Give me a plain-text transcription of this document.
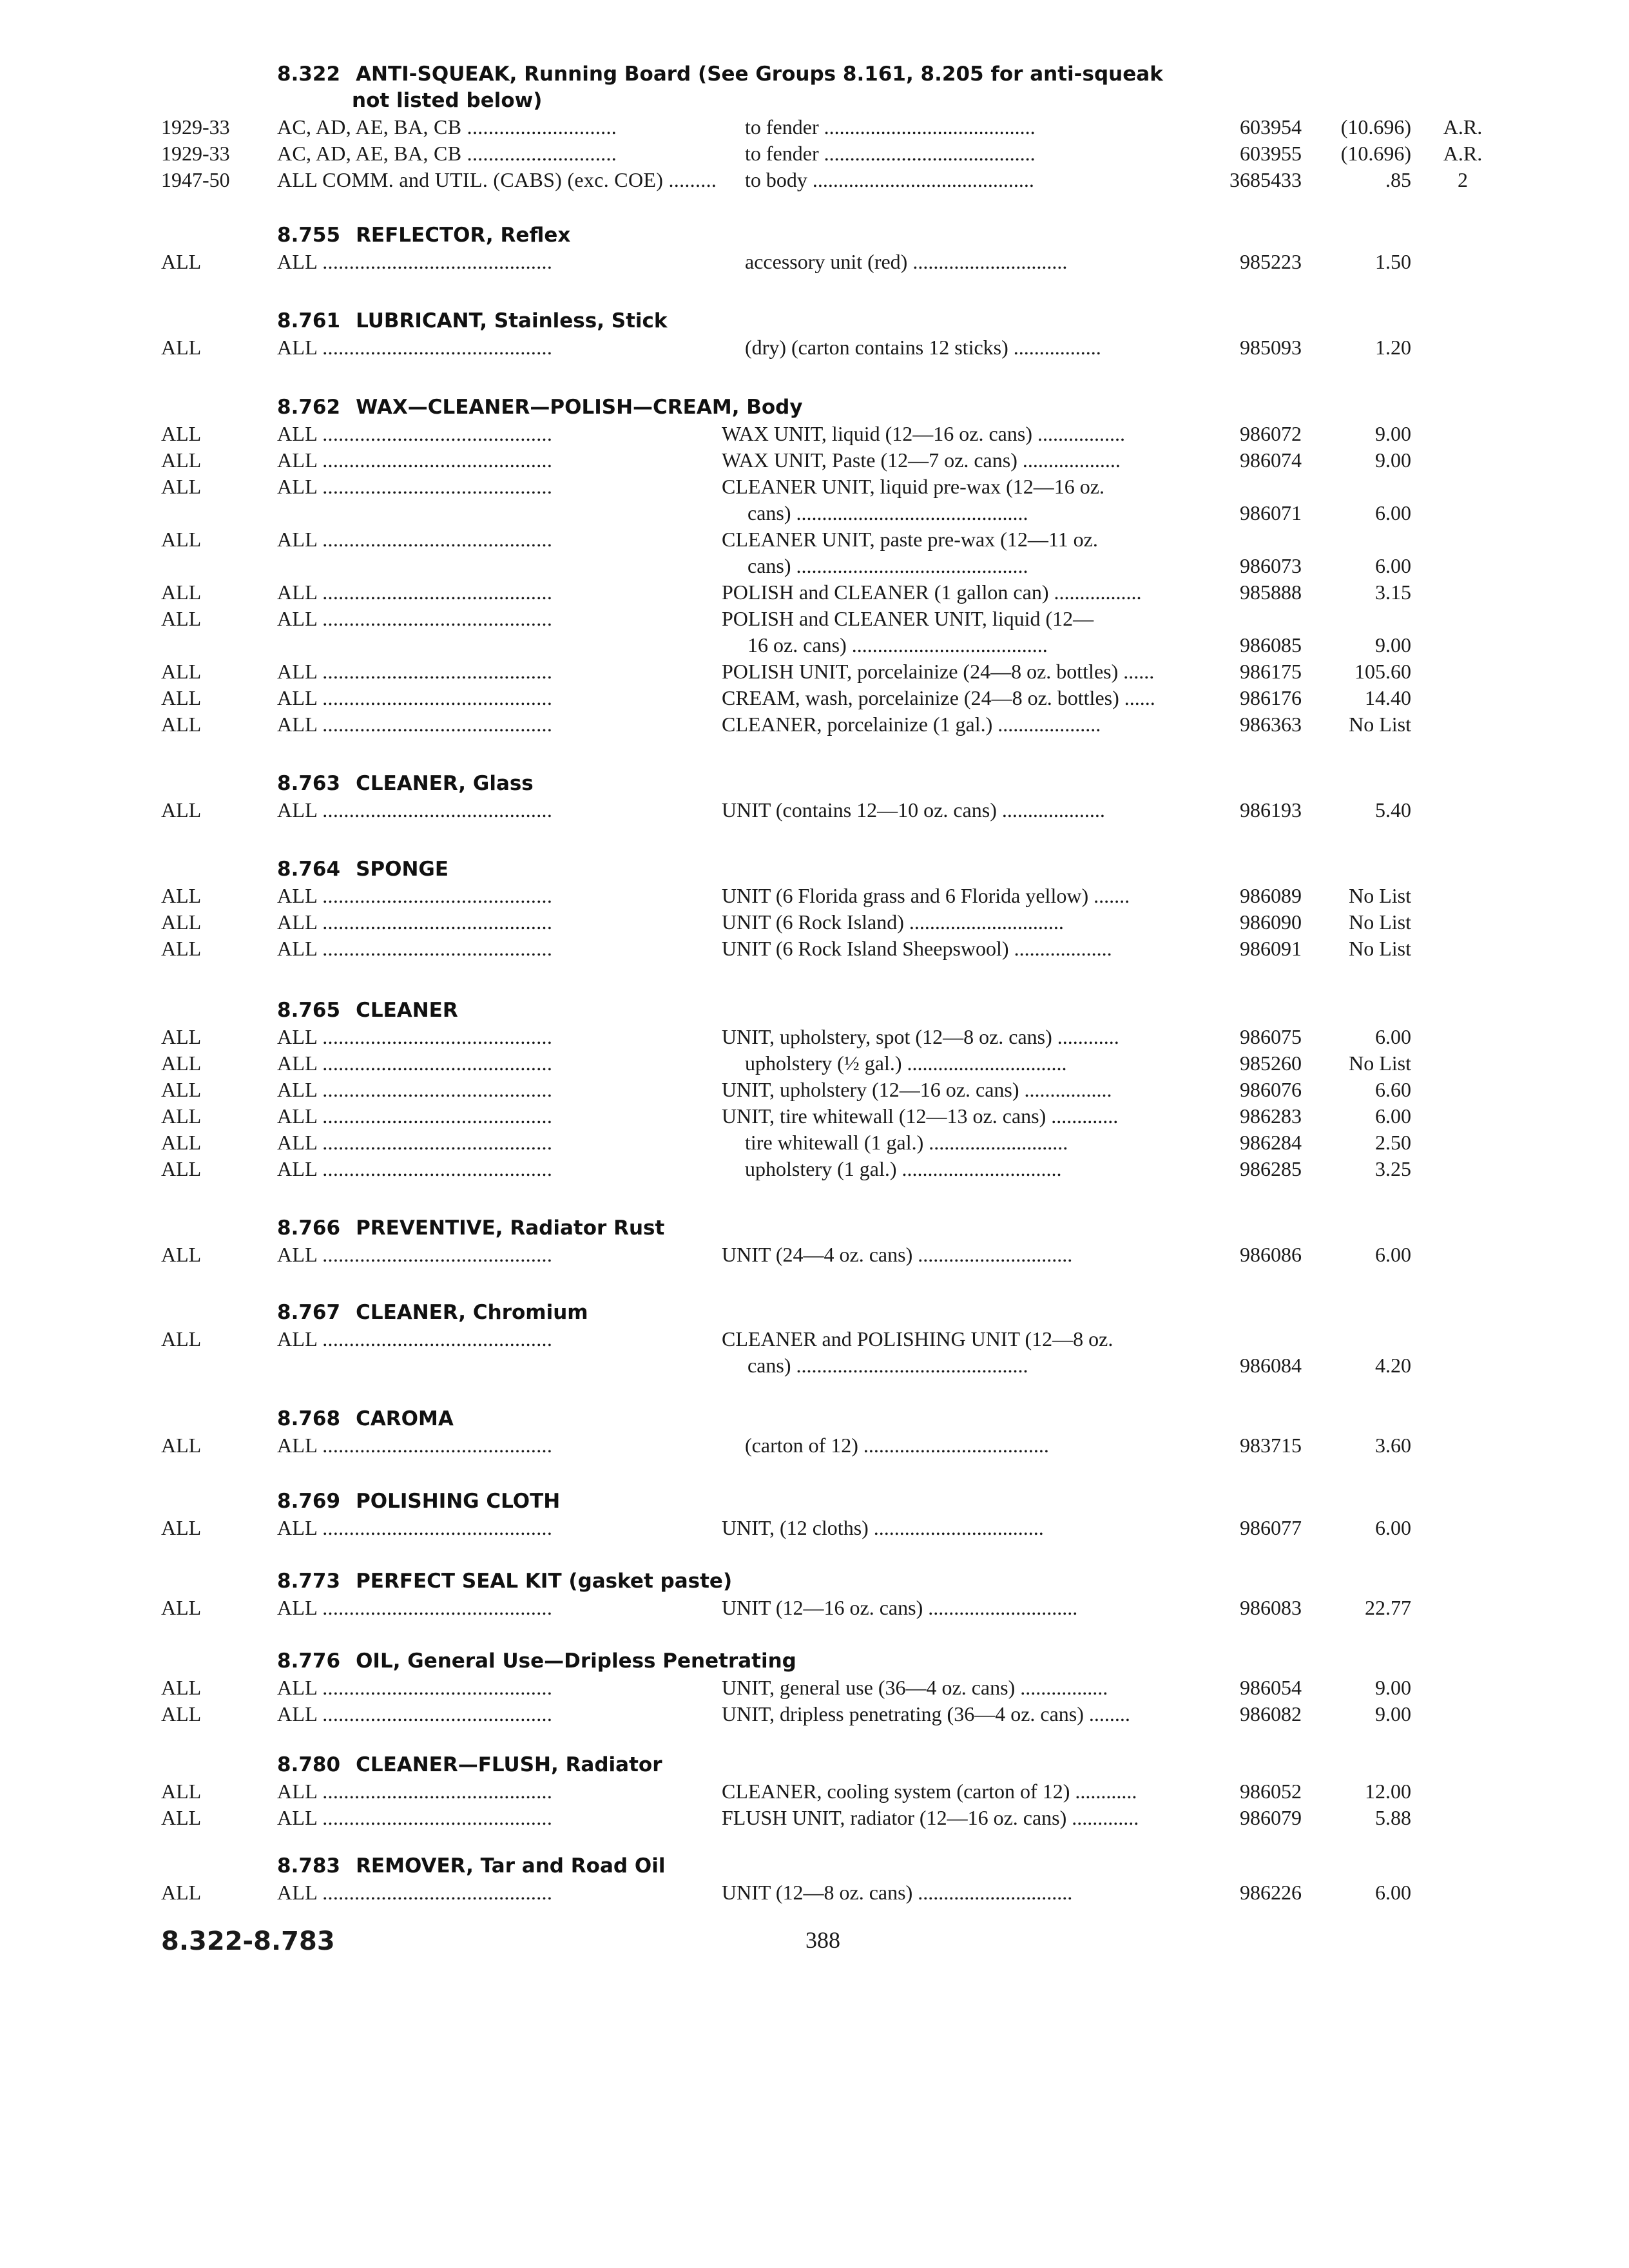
8.322 ANTI-SQUEAK, Running Board (See Groups 8.161, 8.205 for anti-squeak
not listed below)
1929-33	AC, AD, AE, BA, CB ............................	to fender .........................................	603954	(10.696)	A.R.
1929-33	AC, AD, AE, BA, CB ............................	to fender .........................................	603955	(10.696)	A.R.
1947-50	ALL COMM. and UTIL. (CABS) (exc. COE) ......... to body ...........................................	3685433	.85	2
8.755 REFLECTOR, Reflex
ALL	ALL ...........................................	accessory unit (red) ..............................	985223	1.50
8.761 LUBRICANT, Stainless, Stick
ALL	ALL ...........................................	(dry) (carton contains 12 sticks) .................	985093	1.20
8.762 WAX—CLEANER—POLISH—CREAM, Body
ALL	ALL ...........................................	WAX UNIT, liquid (12—16 oz. cans) .................	986072	9.00
ALL	ALL ...........................................	WAX UNIT, Paste (12—7 oz. cans) ...................	986074	9.00
ALL	ALL ...........................................	CLEANER UNIT, liquid pre-wax (12—16 oz.
cans) .............................................	986071	6.00
ALL	ALL ...........................................	CLEANER UNIT, paste pre-wax (12—11 oz.
cans) .............................................	986073	6.00
ALL	ALL ...........................................	POLISH and CLEANER (1 gallon can) .................	985888	3.15
ALL	ALL ...........................................	POLISH and CLEANER UNIT, liquid (12—
16 oz. cans) ......................................	986085	9.00
ALL	ALL ...........................................	POLISH UNIT, porcelainize (24—8 oz. bottles) ......	986175	105.60
ALL	ALL ...........................................	CREAM, wash, porcelainize (24—8 oz. bottles) ......	986176	14.40
ALL	ALL ...........................................	CLEANER, porcelainize (1 gal.) ....................	986363	No List
8.763 CLEANER, Glass
ALL	ALL ...........................................	UNIT (contains 12—10 oz. cans) ....................	986193	5.40
8.764 SPONGE
ALL	ALL ...........................................	UNIT (6 Florida grass and 6 Florida yellow) .......	986089	No List
ALL	ALL ...........................................	UNIT (6 Rock Island) ..............................	986090	No List
ALL	ALL ...........................................	UNIT (6 Rock Island Sheepswool) ...................	986091	No List
8.765 CLEANER
ALL	ALL ...........................................	UNIT, upholstery, spot (12—8 oz. cans) ............	986075	6.00
ALL	ALL ...........................................	upholstery (½ gal.) ...............................	985260	No List
ALL	ALL ...........................................	UNIT, upholstery (12—16 oz. cans) .................	986076	6.60
ALL	ALL ...........................................	UNIT, tire whitewall (12—13 oz. cans) .............	986283	6.00
ALL	ALL ...........................................	tire whitewall (1 gal.) ...........................	986284	2.50
ALL	ALL ...........................................	upholstery (1 gal.) ...............................	986285	3.25
8.766 PREVENTIVE, Radiator Rust
ALL	ALL ...........................................	UNIT (24—4 oz. cans) ..............................	986086	6.00
8.767 CLEANER, Chromium
ALL	ALL ...........................................	CLEANER and POLISHING UNIT (12—8 oz.
cans) .............................................	986084	4.20
8.768 CAROMA
ALL	ALL ...........................................	(carton of 12) ....................................	983715	3.60
8.769 POLISHING CLOTH
ALL	ALL ...........................................	UNIT, (12 cloths) .................................	986077	6.00
8.773 PERFECT SEAL KIT (gasket paste)
ALL	ALL ...........................................	UNIT (12—16 oz. cans) .............................	986083	22.77
8.776 OIL, General Use—Dripless Penetrating
ALL	ALL ...........................................	UNIT, general use (36—4 oz. cans) .................	986054	9.00
ALL	ALL ...........................................	UNIT, dripless penetrating (36—4 oz. cans) ........	986082	9.00
8.780 CLEANER—FLUSH, Radiator
ALL	ALL ...........................................	CLEANER, cooling system (carton of 12) ............	986052	12.00
ALL	ALL ...........................................	FLUSH UNIT, radiator (12—16 oz. cans) .............	986079	5.88
8.783 REMOVER, Tar and Road Oil
ALL	ALL ...........................................	UNIT (12—8 oz. cans) ..............................	986226	6.00
8.322-8.783	388
